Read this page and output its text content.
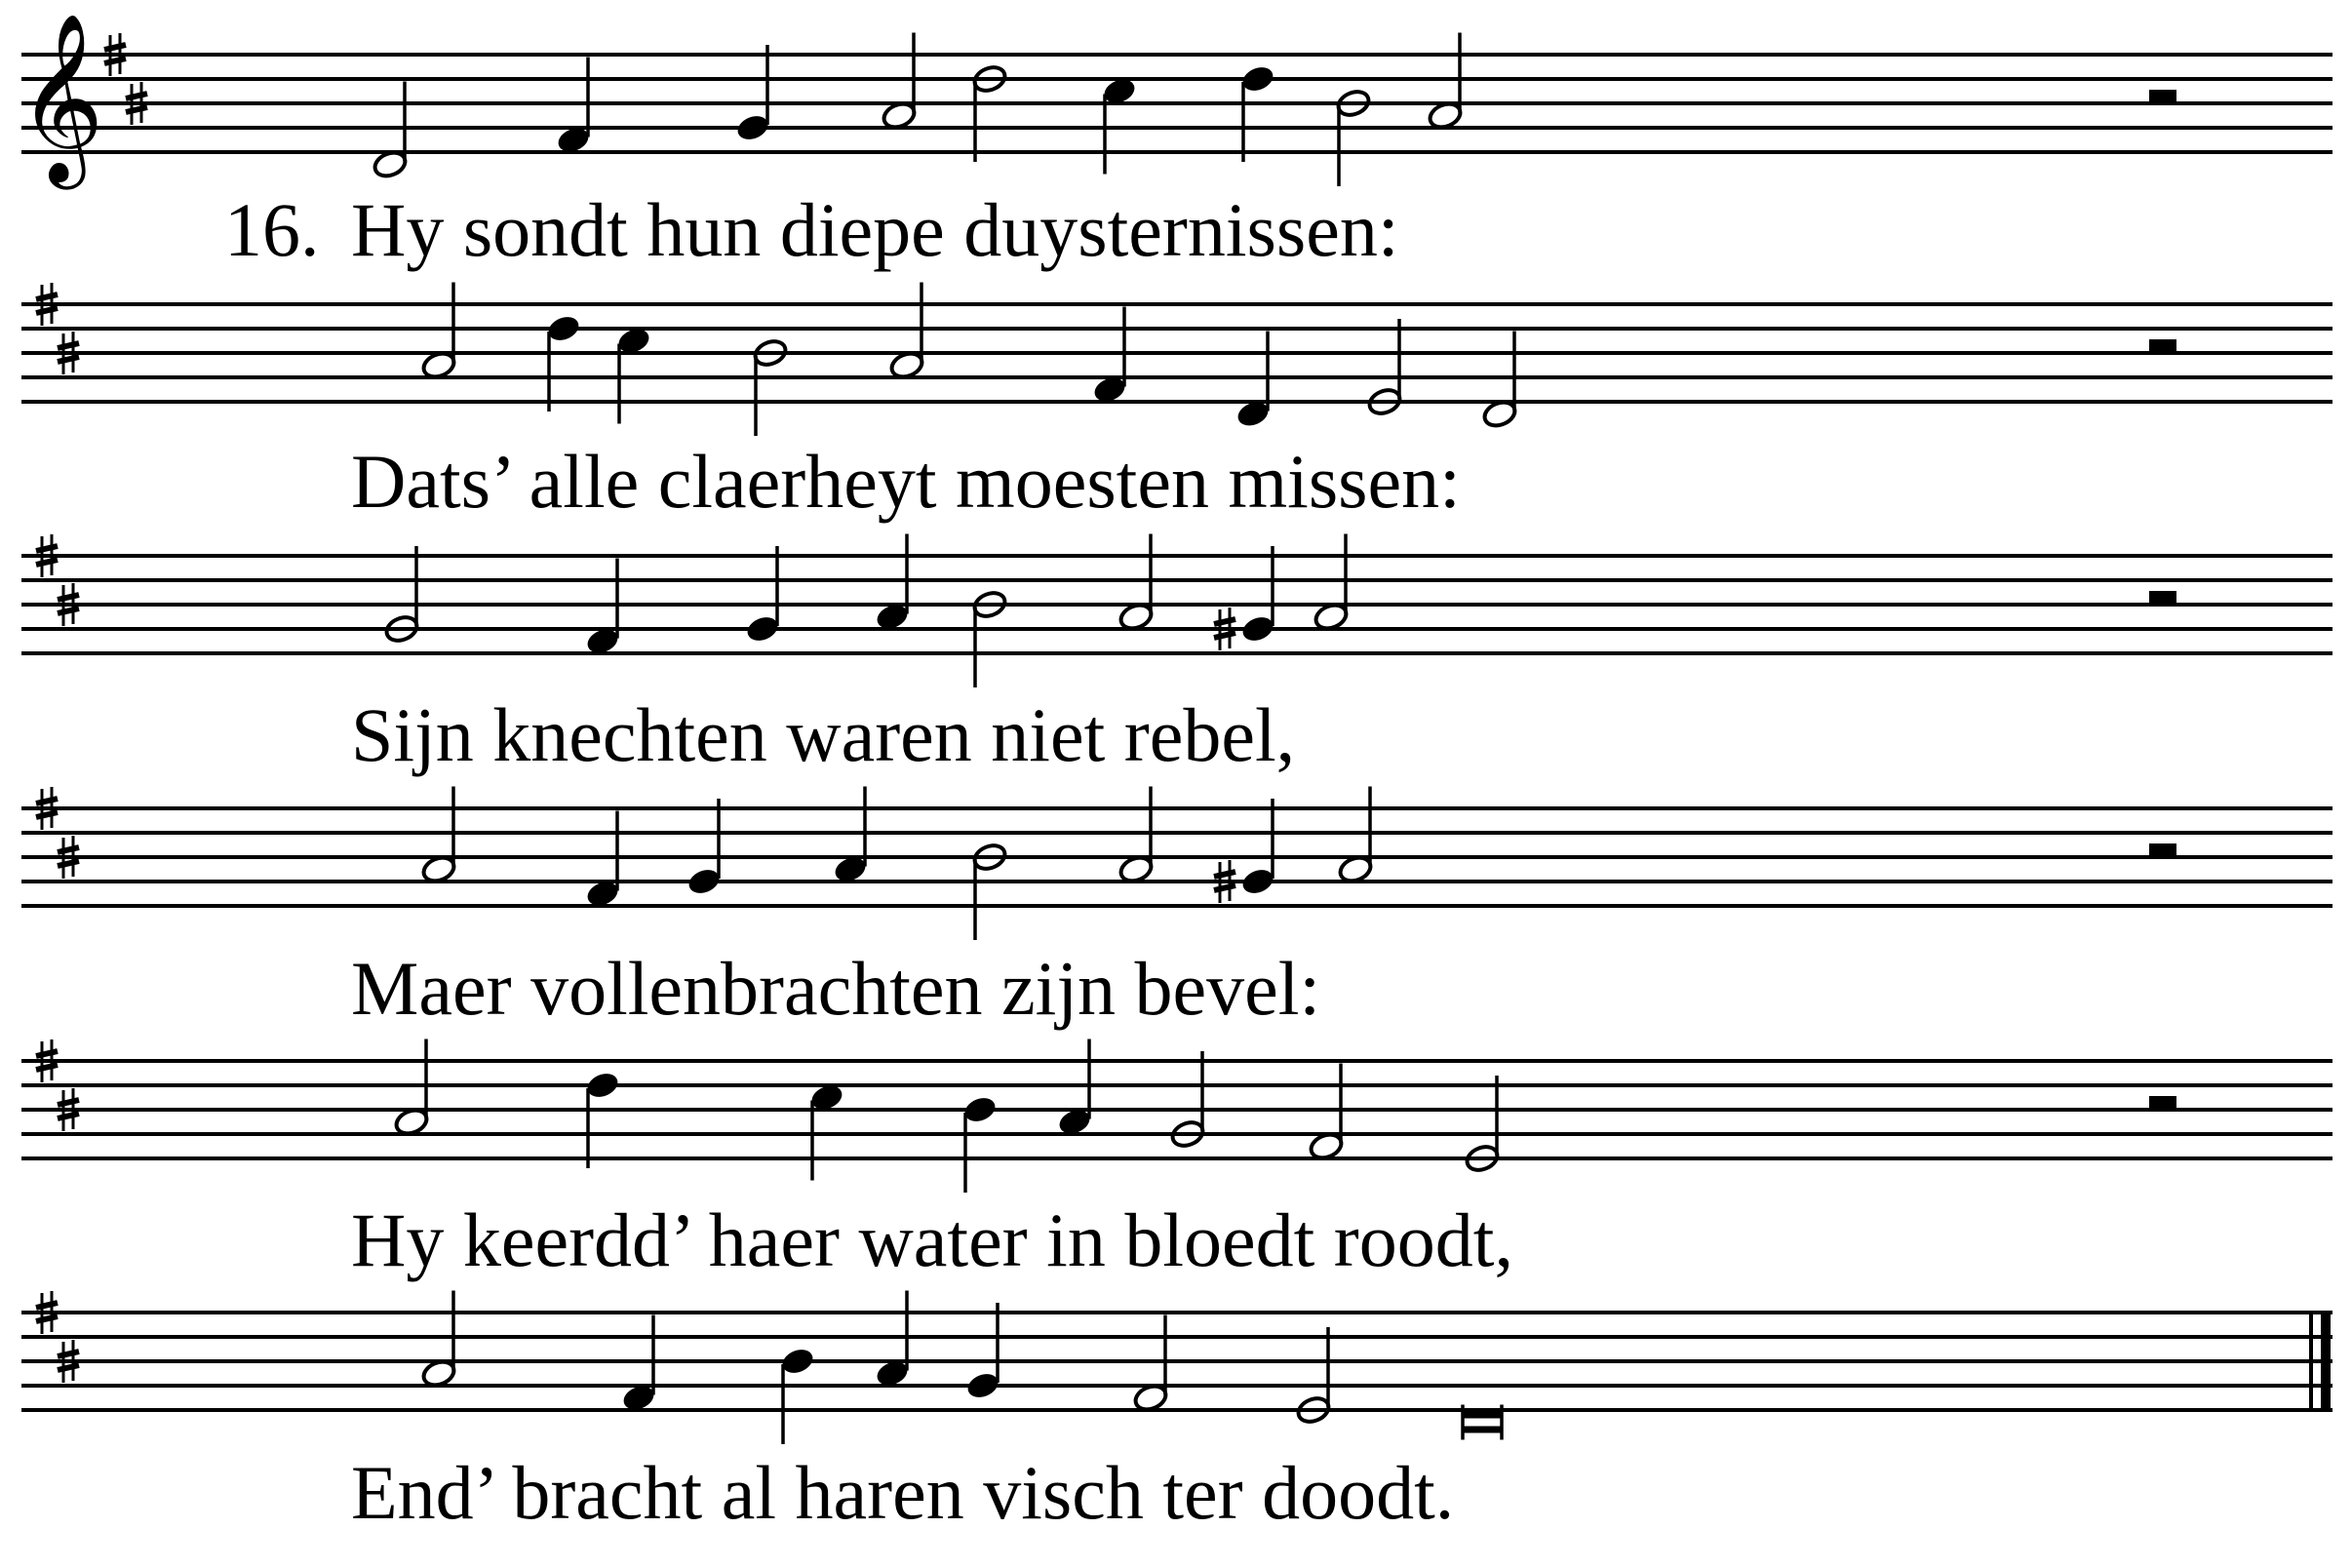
𝄞
Hy sondt hun diepe duysternissen:
16.
Dats’ alle claerheyt moesten missen:
Sijn knechten waren niet rebel,
Maer vollenbrachten zijn bevel:
Hy keerdd’ haer water in bloedt roodt,
End’ bracht al haren visch ter doodt.
